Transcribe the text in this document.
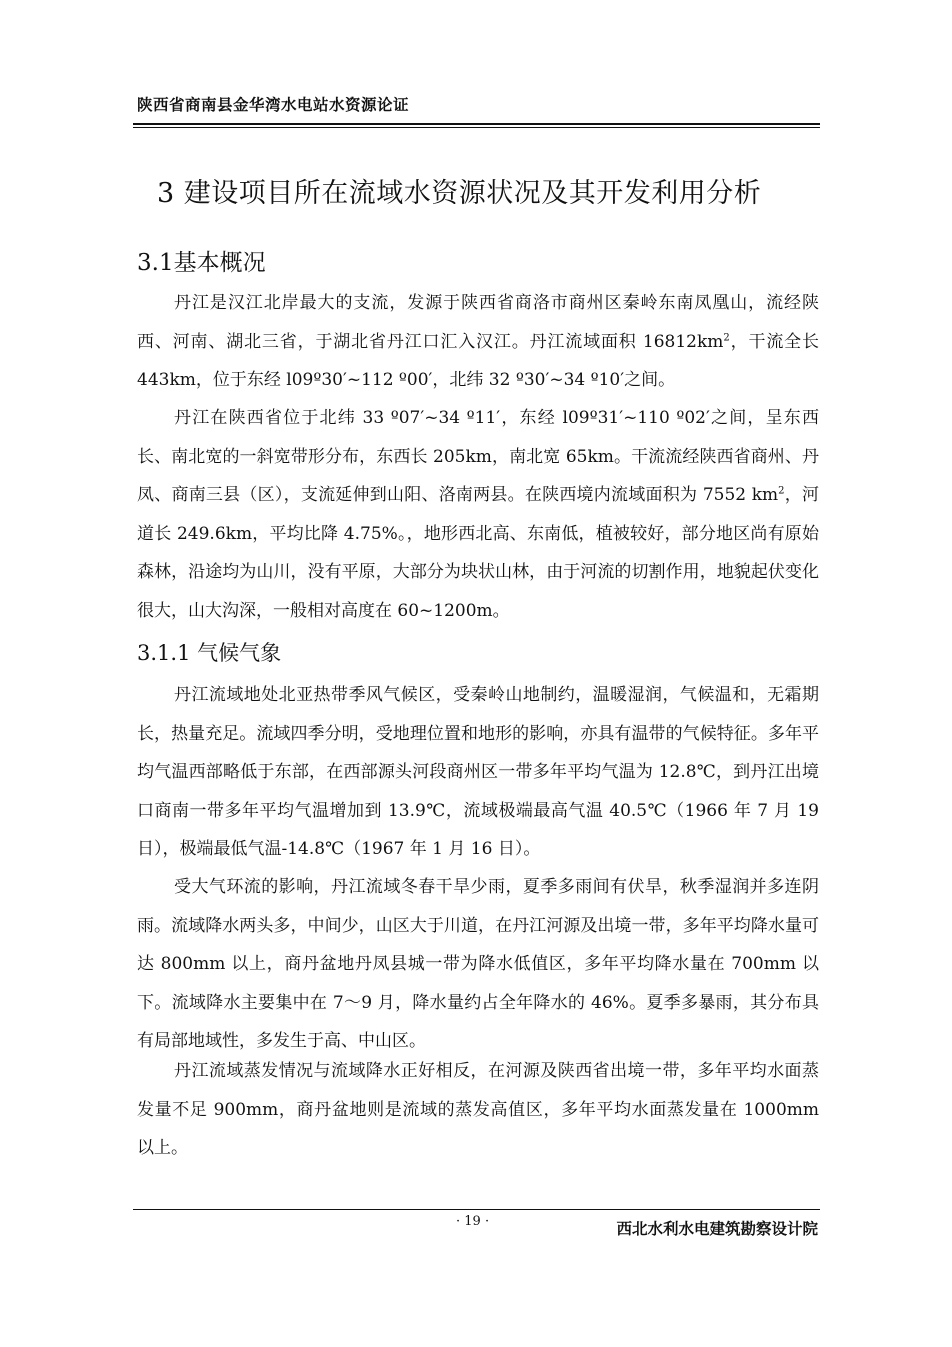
陕西省商南县金华湾水电站水资源论证
3 建设项目所在流域水资源状况及其开发利用分析
3.1基本概况

丹江是汉江北岸最大的支流，发源于陕西省商洛市商州区秦岭东南凤凰山，流经陕西、河南、湖北三省，于湖北省丹江口汇入汉江。丹江流域面积 $16812km^2$，干流全长 443km，位于东经 l09º30′~112 º00′，北纬 32 º30′~34 º10′之间。

丹江在陕西省位于北纬 33 º07′~34 º11′，东经 l09º31′~110 º02′之间，呈东西长、南北宽的一斜宽带形分布，东西长 205km，南北宽 65km。干流流经陕西省商州、丹凤、商南三县（区），支流延伸到山阳、洛南两县。在陕西境内流域面积为 7552 $km^2$，河道长 249.6km，平均比降 4.75%。，地形西北高、东南低，植被较好，部分地区尚有原始森林，沿途均为山川，没有平原，大部分为块状山林，由于河流的切割作用，地貌起伏变化很大，山大沟深，一般相对高度在 60~1200m。

3.1.1 气候气象

丹江流域地处北亚热带季风气候区，受秦岭山地制约，温暖湿润，气候温和，无霜期长，热量充足。流域四季分明，受地理位置和地形的影响，亦具有温带的气候特征。多年平均气温西部略低于东部，在西部源头河段商州区一带多年平均气温为 12.8℃，到丹江出境口商南一带多年平均气温增加到 13.9℃，流域极端最高气温 40.5℃（1966 年 7 月 19 日），极端最低气温-14.8℃（1967 年 1 月 16 日）。

受大气环流的影响，丹江流域冬春干旱少雨，夏季多雨间有伏旱，秋季湿润并多连阴雨。流域降水两头多，中间少，山区大于川道，在丹江河源及出境一带，多年平均降水量可达 800mm 以上，商丹盆地丹凤县城一带为降水低值区，多年平均降水量在 700mm 以下。流域降水主要集中在 7～9 月，降水量约占全年降水的 46%。夏季多暴雨，其分布具有局部地域性，多发生于高、中山区。

丹江流域蒸发情况与流域降水正好相反，在河源及陕西省出境一带，多年平均水面蒸发量不足 900mm，商丹盆地则是流域的蒸发高值区，多年平均水面蒸发量在 1000mm 以上。

· 19 ·	西北水利水电建筑勘察设计院
